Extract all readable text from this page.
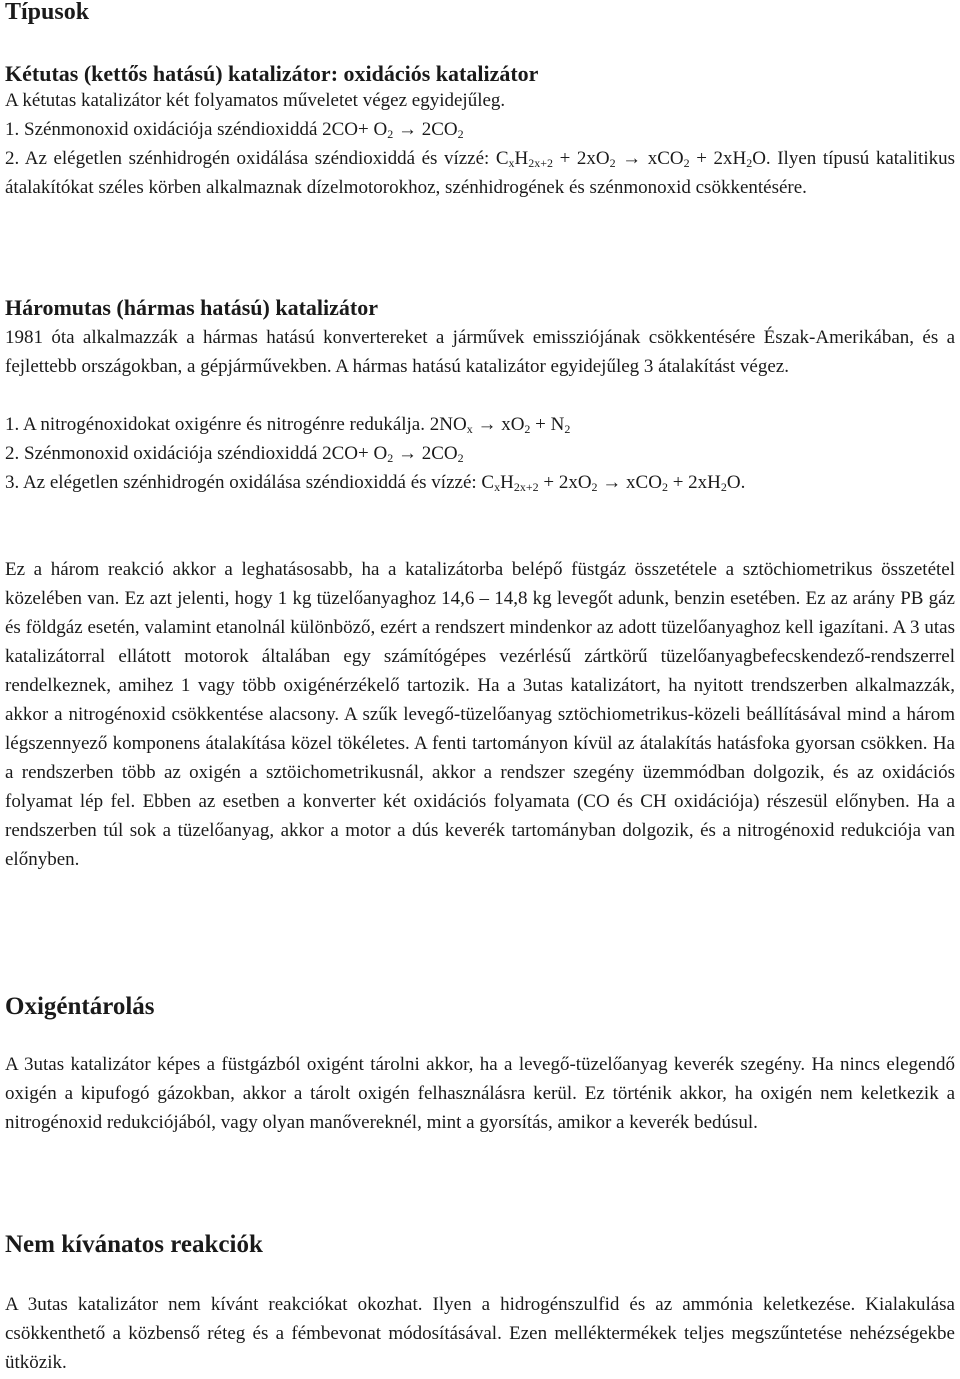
Típusok
Kétutas (kettős hatású) katalizátor: oxidációs katalizátor

A kétutas katalizátor két folyamatos műveletet végez egyidejűleg.

1. Szénmonoxid oxidációja széndioxiddá $2CO+ O_2 \to 2CO_2$

2. Az elégetlen szénhidrogén oxidálása széndioxiddá és vízzé: $C_xH_{2x+2} + 2xO_2 \to xCO_2 + 2xH_2O$. Ilyen típusú katalitikus átalakítókat széles körben alkalmaznak dízelmotorokhoz, szénhidrogének és szénmonoxid csökkentésére.

Háromutas (hármas hatású) katalizátor

1981 óta alkalmazzák a hármas hatású konvertereket a járművek emissziójának csökkentésére Észak-Amerikában, és a fejlettebb országokban, a gépjárművekben. A hármas hatású katalizátor egyidejűleg 3 átalakítást végez.

1. A nitrogénoxidokat oxigénre és nitrogénre redukálja. $2NO_x \to xO_2 + N_2$

2. Szénmonoxid oxidációja széndioxiddá $2CO+ O_2 \to 2CO_2$

3. Az elégetlen szénhidrogén oxidálása széndioxiddá és vízzé: $C_xH_{2x+2} + 2xO_2 \to xCO_2 + 2xH_2O$.

Ez a három reakció akkor a leghatásosabb, ha a katalizátorba belépő füstgáz összetétele a sztöchiometrikus összetétel közelében van. Ez azt jelenti, hogy 1 kg tüzelőanyaghoz 14,6 – 14,8 kg levegőt adunk, benzin esetében. Ez az arány PB gáz és földgáz esetén, valamint etanolnál különböző, ezért a rendszert mindenkor az adott tüzelőanyaghoz kell igazítani. A 3 utas katalizátorral ellátott motorok általában egy számítógépes vezérlésű zártkörű tüzelőanyagbefecskendező-rendszerrel rendelkeznek, amihez 1 vagy több oxigénérzékelő tartozik. Ha a 3utas katalizátort, ha nyitott trendszerben alkalmazzák, akkor a nitrogénoxid csökkentése alacsony. A szűk levegő-tüzelőanyag sztöchiometrikus-közeli beállításával mind a három légszennyező komponens átalakítása közel tökéletes. A fenti tartományon kívül az átalakítás hatásfoka gyorsan csökken. Ha a rendszerben több az oxigén a sztöichometrikusnál, akkor a rendszer szegény üzemmódban dolgozik, és az oxidációs folyamat lép fel. Ebben az esetben a konverter két oxidációs folyamata (CO és CH oxidációja) részesül előnyben. Ha a rendszerben túl sok a tüzelőanyag, akkor a motor a dús keverék tartományban dolgozik, és a nitrogénoxid redukciója van előnyben.

Oxigéntárolás

A 3utas katalizátor képes a füstgázból oxigént tárolni akkor, ha a levegő-tüzelőanyag keverék szegény. Ha nincs elegendő oxigén a kipufogó gázokban, akkor a tárolt oxigén felhasználásra kerül. Ez történik akkor, ha oxigén nem keletkezik a nitrogénoxid redukciójából, vagy olyan manővereknél, mint a gyorsítás, amikor a keverék bedúsul.

Nem kívánatos reakciók

A 3utas katalizátor nem kívánt reakciókat okozhat. Ilyen a hidrogénszulfid és az ammónia keletkezése. Kialakulása csökkenthető a közbenső réteg és a fémbevonat módosításával. Ezen melléktermékek teljes megszűntetése nehézségekbe ütközik.
